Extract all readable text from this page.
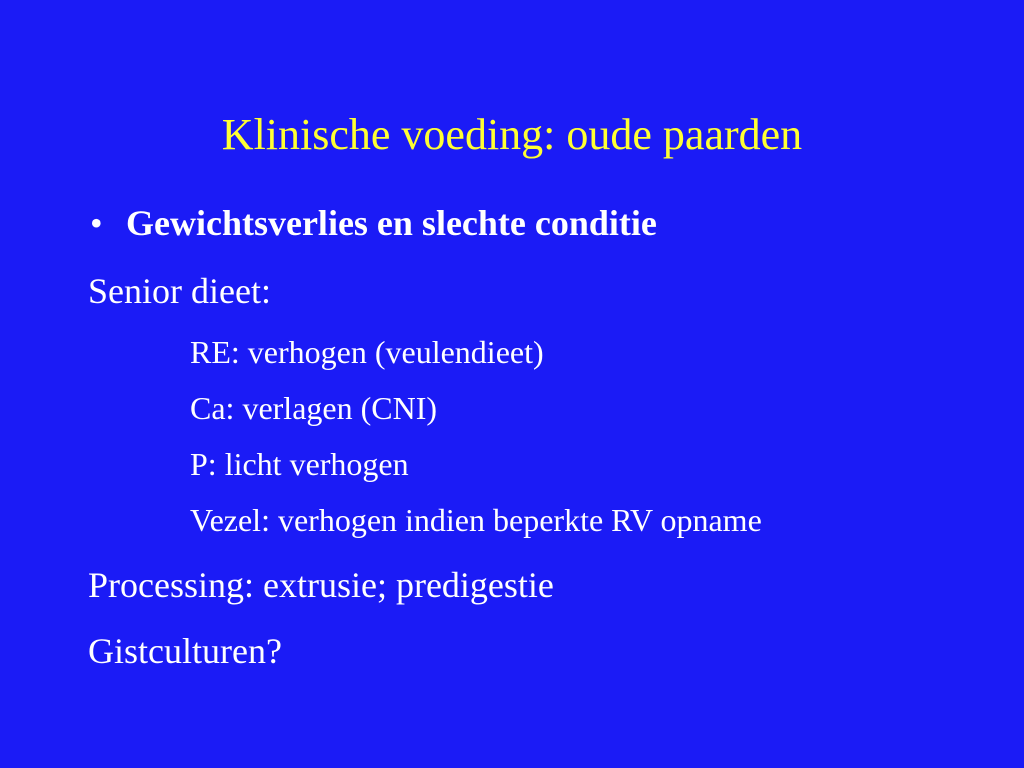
Klinische voeding: oude paarden
• Gewichtsverlies en slechte conditie
Senior dieet:
RE: verhogen (veulendieet)
Ca: verlagen (CNI)
P: licht verhogen
Vezel: verhogen indien beperkte RV opname
Processing: extrusie; predigestie
Gistculturen?
